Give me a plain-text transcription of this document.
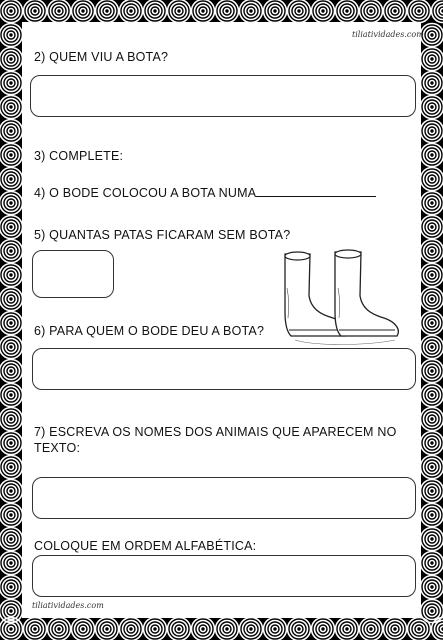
tiliatividades.com
2) QUEM VIU A BOTA?
3) COMPLETE:
4) O BODE COLOCOU A BOTA NUMA
5) QUANTAS PATAS FICARAM SEM BOTA?
6) PARA QUEM O BODE DEU A BOTA?
7) ESCREVA OS NOMES DOS ANIMAIS QUE APARECEM NO
TEXTO:
COLOQUE EM ORDEM ALFABÉTICA:
tiliatividades.com
